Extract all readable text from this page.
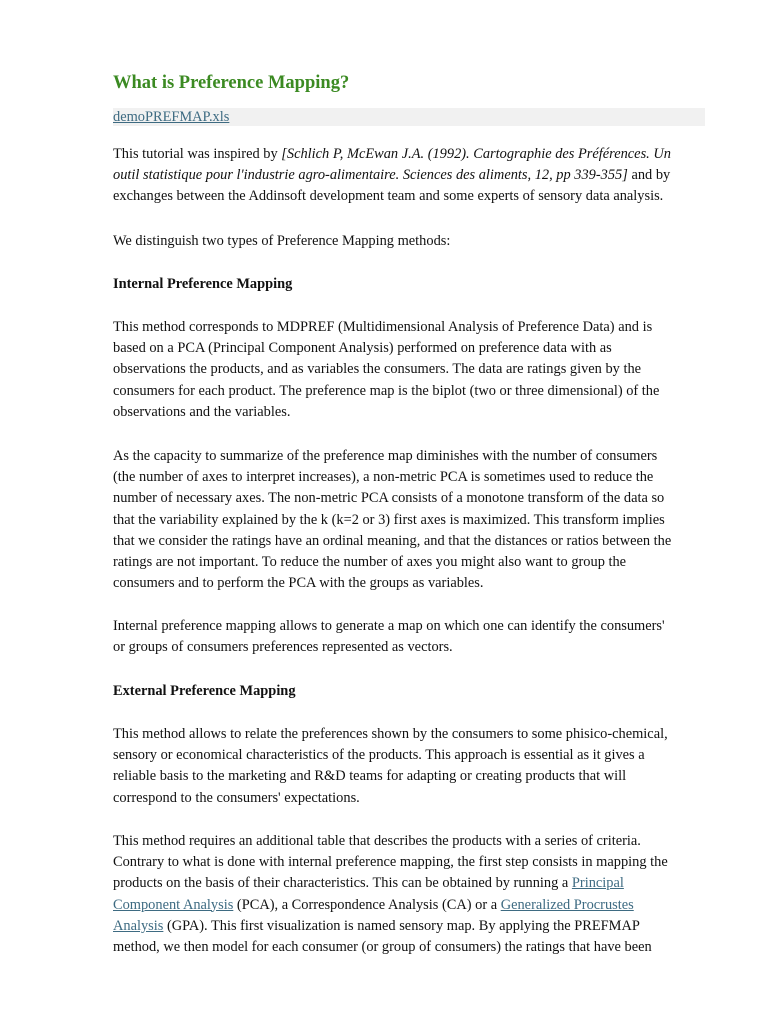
What is Preference Mapping?
demoPREFMAP.xls

This tutorial was inspired by [Schlich P, McEwan J.A. (1992). Cartographie des Préférences. Un
outil statistique pour l'industrie agro-alimentaire. Sciences des aliments, 12, pp 339-355] and by
exchanges between the Addinsoft development team and some experts of sensory data analysis.

We distinguish two types of Preference Mapping methods:

Internal Preference Mapping

This method corresponds to MDPREF (Multidimensional Analysis of Preference Data) and is
based on a PCA (Principal Component Analysis) performed on preference data with as
observations the products, and as variables the consumers. The data are ratings given by the
consumers for each product. The preference map is the biplot (two or three dimensional) of the
observations and the variables.

As the capacity to summarize of the preference map diminishes with the number of consumers
(the number of axes to interpret increases), a non-metric PCA is sometimes used to reduce the
number of necessary axes. The non-metric PCA consists of a monotone transform of the data so
that the variability explained by the k (k=2 or 3) first axes is maximized. This transform implies
that we consider the ratings have an ordinal meaning, and that the distances or ratios between the
ratings are not important. To reduce the number of axes you might also want to group the
consumers and to perform the PCA with the groups as variables.

Internal preference mapping allows to generate a map on which one can identify the consumers'
or groups of consumers preferences represented as vectors.

External Preference Mapping

This method allows to relate the preferences shown by the consumers to some phisico-chemical,
sensory or economical characteristics of the products. This approach is essential as it gives a
reliable basis to the marketing and R&D teams for adapting or creating products that will
correspond to the consumers' expectations.

This method requires an additional table that describes the products with a series of criteria.
Contrary to what is done with internal preference mapping, the first step consists in mapping the
products on the basis of their characteristics. This can be obtained by running a Principal
Component Analysis (PCA), a Correspondence Analysis (CA) or a Generalized Procrustes
Analysis (GPA). This first visualization is named sensory map. By applying the PREFMAP
method, we then model for each consumer (or group of consumers) the ratings that have been
